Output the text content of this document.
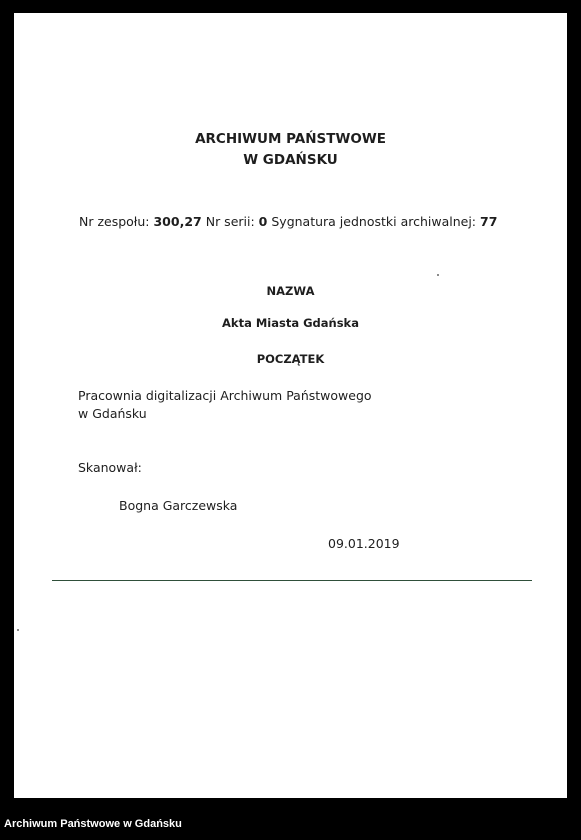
ARCHIWUM PAŃSTWOWE

W GDAŃSKU

Nr zespołu: 300,27 Nr serii: 0 Sygnatura jednostki archiwalnej: 77

NAZWA

Akta Miasta Gdańska

POCZĄTEK

Pracownia digitalizacji Archiwum Państwowego

w Gdańsku

Skanował:

Bogna Garczewska

09.01.2019

Archiwum Państwowe w Gdańsku
